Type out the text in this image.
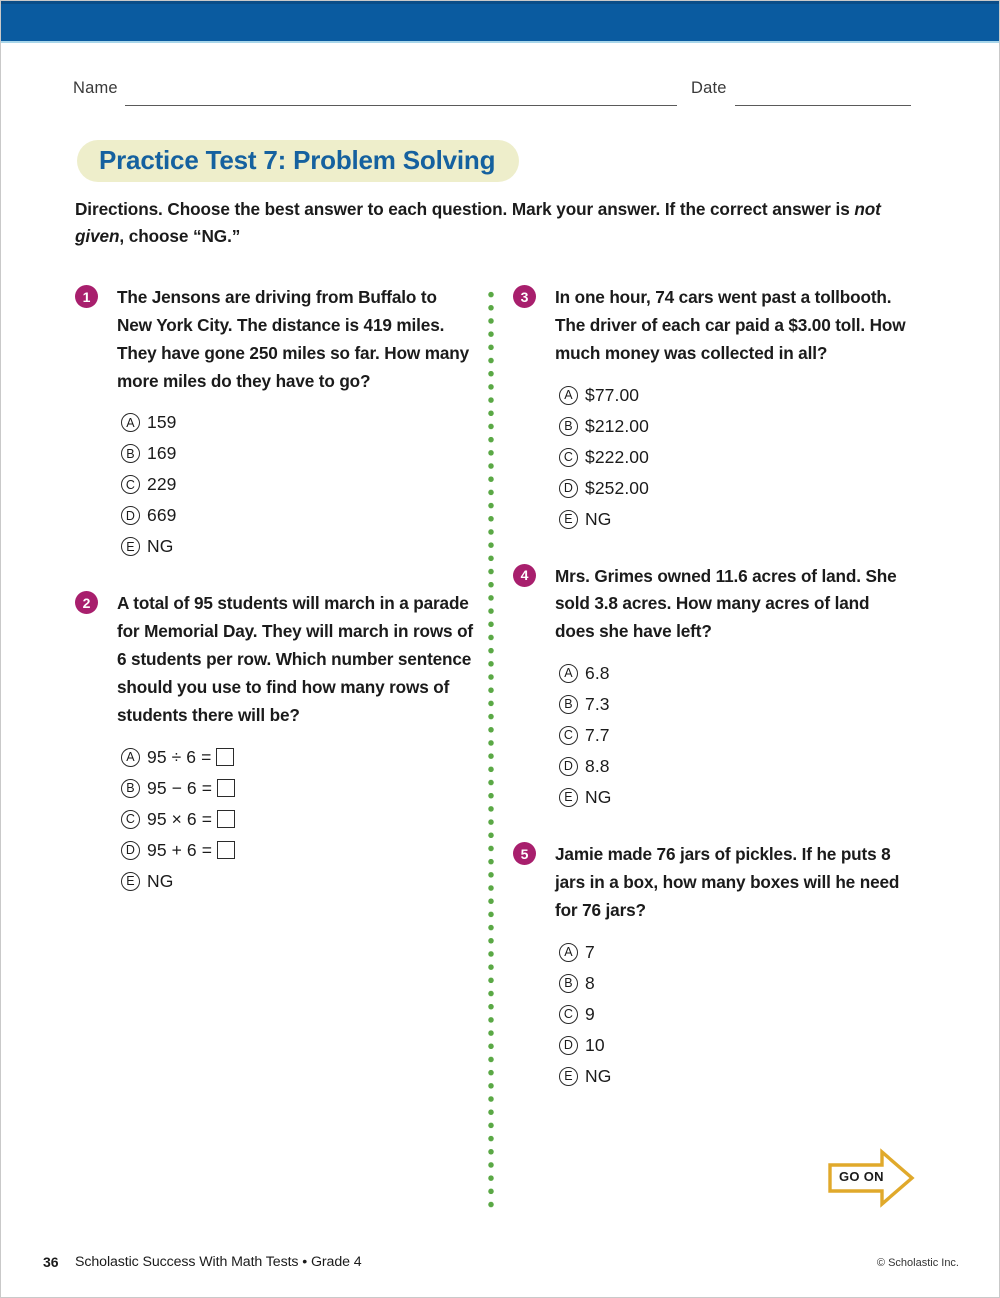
Name	Date
Practice Test 7: Problem Solving

Directions. Choose the best answer to each question. Mark your answer. If the correct answer is not given, choose “NG.”

1	The Jensons are driving from Buffalo to New York City. The distance is 419 miles. They have gone 250 miles so far. How many more miles do they have to go?
A 159
B 169
C 229
D 669
E NG
2	A total of 95 students will march in a parade for Memorial Day. They will march in rows of 6 students per row. Which number sentence should you use to find how many rows of students there will be?
A 95 ÷ 6 =
B 95 − 6 =
C 95 × 6 =
D 95 + 6 =
E NG
3	In one hour, 74 cars went past a tollbooth. The driver of each car paid a $3.00 toll. How much money was collected in all?
A $77.00
B $212.00
C $222.00
D $252.00
E NG
4	Mrs. Grimes owned 11.6 acres of land. She sold 3.8 acres. How many acres of land does she have left?
A 6.8
B 7.3
C 7.7
D 8.8
E NG
5	Jamie made 76 jars of pickles. If he puts 8 jars in a box, how many boxes will he need for 76 jars?
A 7
B 8
C 9
D 10
E NG
GO ON
36 Scholastic Success With Math Tests • Grade 4	© Scholastic Inc.
